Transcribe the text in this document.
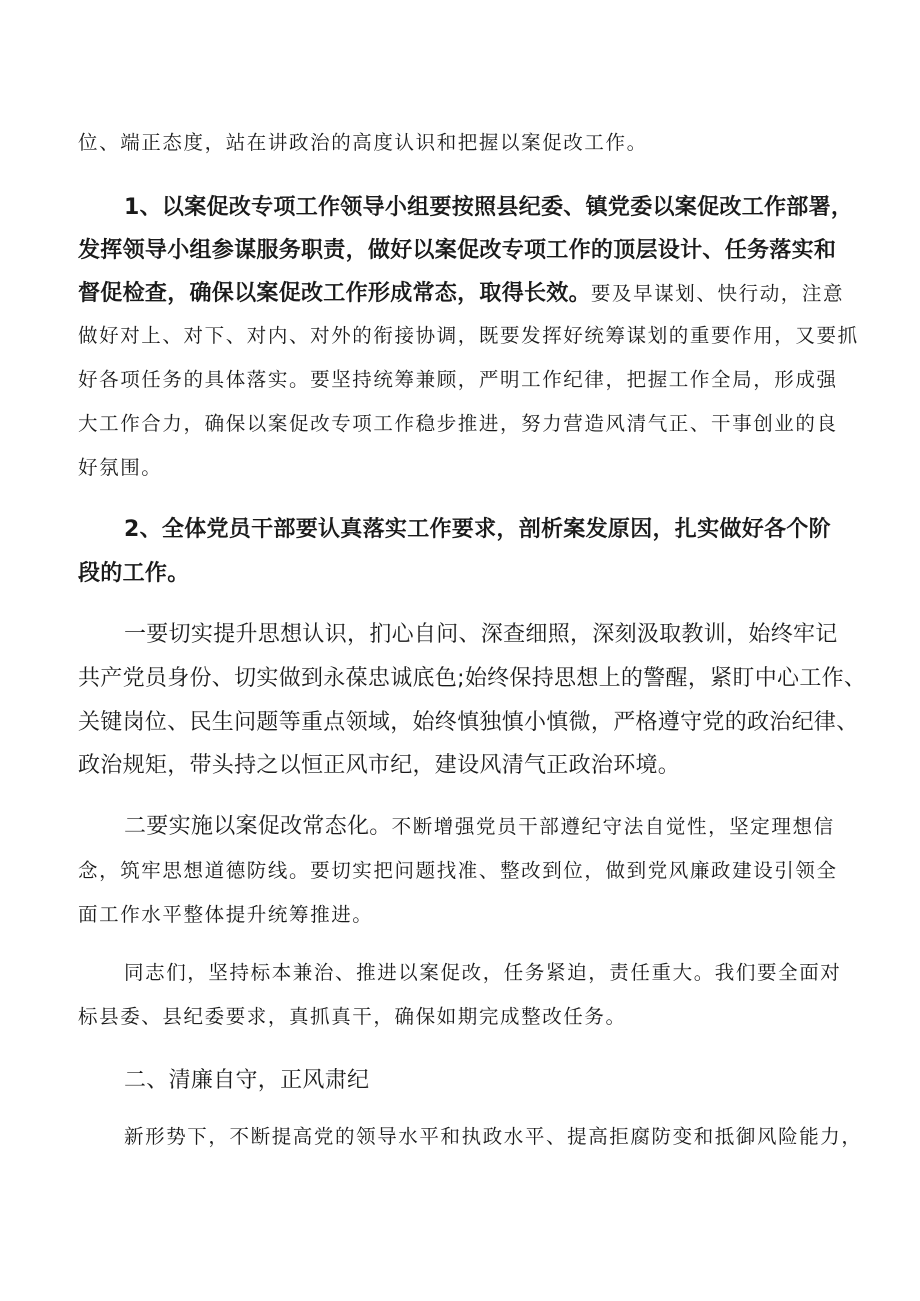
位、端正态度，站在讲政治的高度认识和把握以案促改工作。
1、以案促改专项工作领导小组要按照县纪委、镇党委以案促改工作部署，
发挥领导小组参谋服务职责，做好以案促改专项工作的顶层设计、任务落实和
督促检查，确保以案促改工作形成常态，取得长效。要及早谋划、快行动，注意
做好对上、对下、对内、对外的衔接协调，既要发挥好统筹谋划的重要作用，又要抓
好各项任务的具体落实。要坚持统筹兼顾，严明工作纪律，把握工作全局，形成强
大工作合力，确保以案促改专项工作稳步推进，努力营造风清气正、干事创业的良
好氛围。
2、全体党员干部要认真落实工作要求，剖析案发原因，扎实做好各个阶
段的工作。
一要切实提升思想认识，扪心自问、深查细照，深刻汲取教训，始终牢记
共产党员身份、切实做到永葆忠诚底色;始终保持思想上的警醒，紧盯中心工作、
关键岗位、民生问题等重点领域，始终慎独慎小慎微，严格遵守党的政治纪律、
政治规矩，带头持之以恒正风市纪，建设风清气正政治环境。
二要实施以案促改常态化。不断增强党员干部遵纪守法自觉性，坚定理想信
念，筑牢思想道德防线。要切实把问题找准、整改到位，做到党风廉政建设引领全
面工作水平整体提升统筹推进。
同志们，坚持标本兼治、推进以案促改，任务紧迫，责任重大。我们要全面对
标县委、县纪委要求，真抓真干，确保如期完成整改任务。
二、清廉自守，正风肃纪
新形势下，不断提高党的领导水平和执政水平、提高拒腐防变和抵御风险能力，
